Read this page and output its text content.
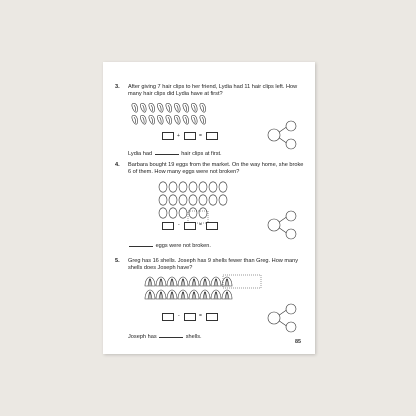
3. After giving 7 hair clips to her friend, Lydia had 11 hair clips left. How many hair clips did Lydia have at first?
+	=
Lydia had	hair clips at first.
4. Barbara bought 19 eggs from the market. On the way home, she broke 6 of them. How many eggs were not broken?
-	=
eggs were not broken.
5. Greg has 16 shells. Joseph has 9 shells fewer than Greg. How many shells does Joseph have?
-	=
Joseph has	shells.
85
